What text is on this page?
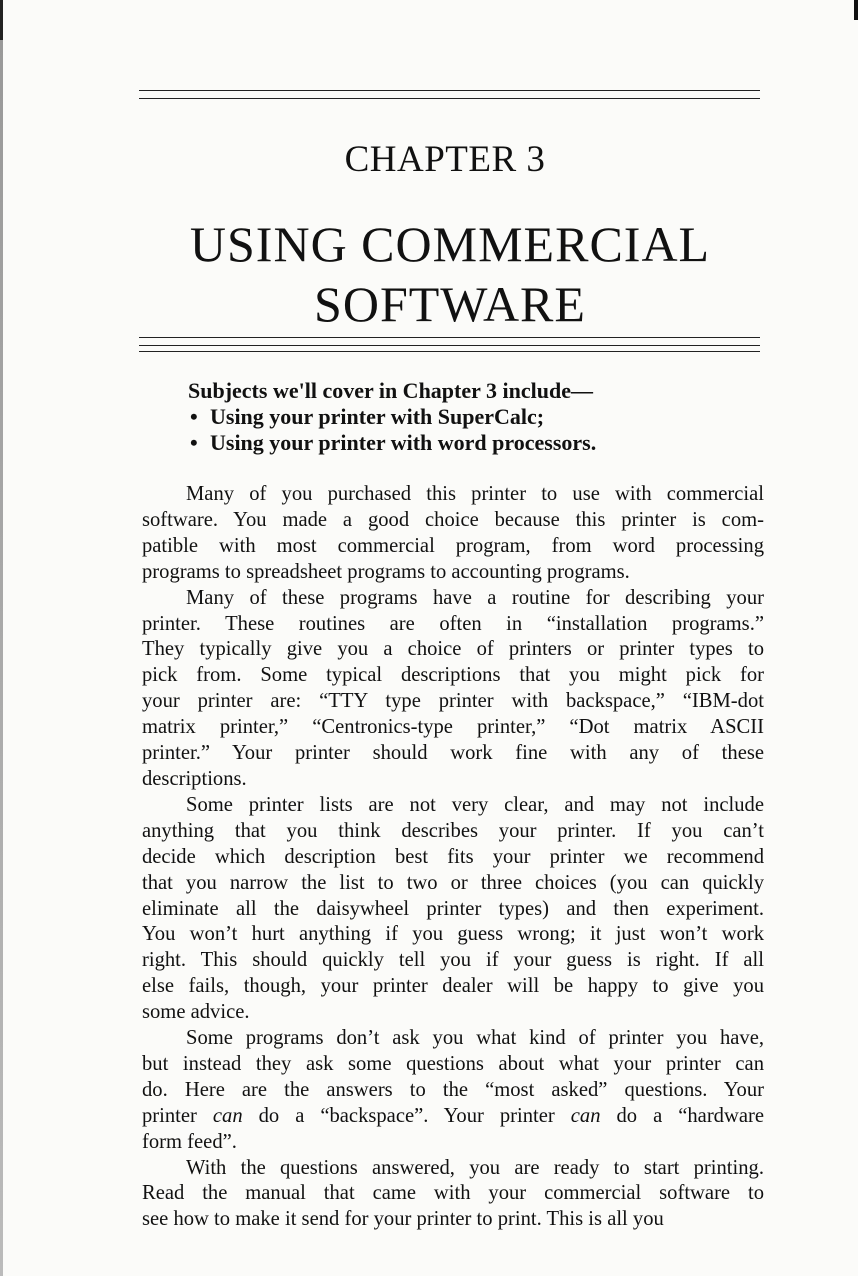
CHAPTER 3
USING COMMERCIAL
SOFTWARE
Subjects we'll cover in Chapter 3 include—
• Using your printer with SuperCalc;
• Using your printer with word processors.
Many of you purchased this printer to use with commercial
software. You made a good choice because this printer is com-
patible with most commercial program, from word processing
programs to spreadsheet programs to accounting programs.
Many of these programs have a routine for describing your
printer. These routines are often in “installation programs.”
They typically give you a choice of printers or printer types to
pick from. Some typical descriptions that you might pick for
your printer are: “TTY type printer with backspace,” “IBM-dot
matrix printer,” “Centronics-type printer,” “Dot matrix ASCII
printer.” Your printer should work fine with any of these
descriptions.
Some printer lists are not very clear, and may not include
anything that you think describes your printer. If you can’t
decide which description best fits your printer we recommend
that you narrow the list to two or three choices (you can quickly
eliminate all the daisywheel printer types) and then experiment.
You won’t hurt anything if you guess wrong; it just won’t work
right. This should quickly tell you if your guess is right. If all
else fails, though, your printer dealer will be happy to give you
some advice.
Some programs don’t ask you what kind of printer you have,
but instead they ask some questions about what your printer can
do. Here are the answers to the “most asked” questions. Your
printer can do a “backspace”. Your printer can do a “hardware
form feed”.
With the questions answered, you are ready to start printing.
Read the manual that came with your commercial software to
see how to make it send for your printer to print. This is all you
